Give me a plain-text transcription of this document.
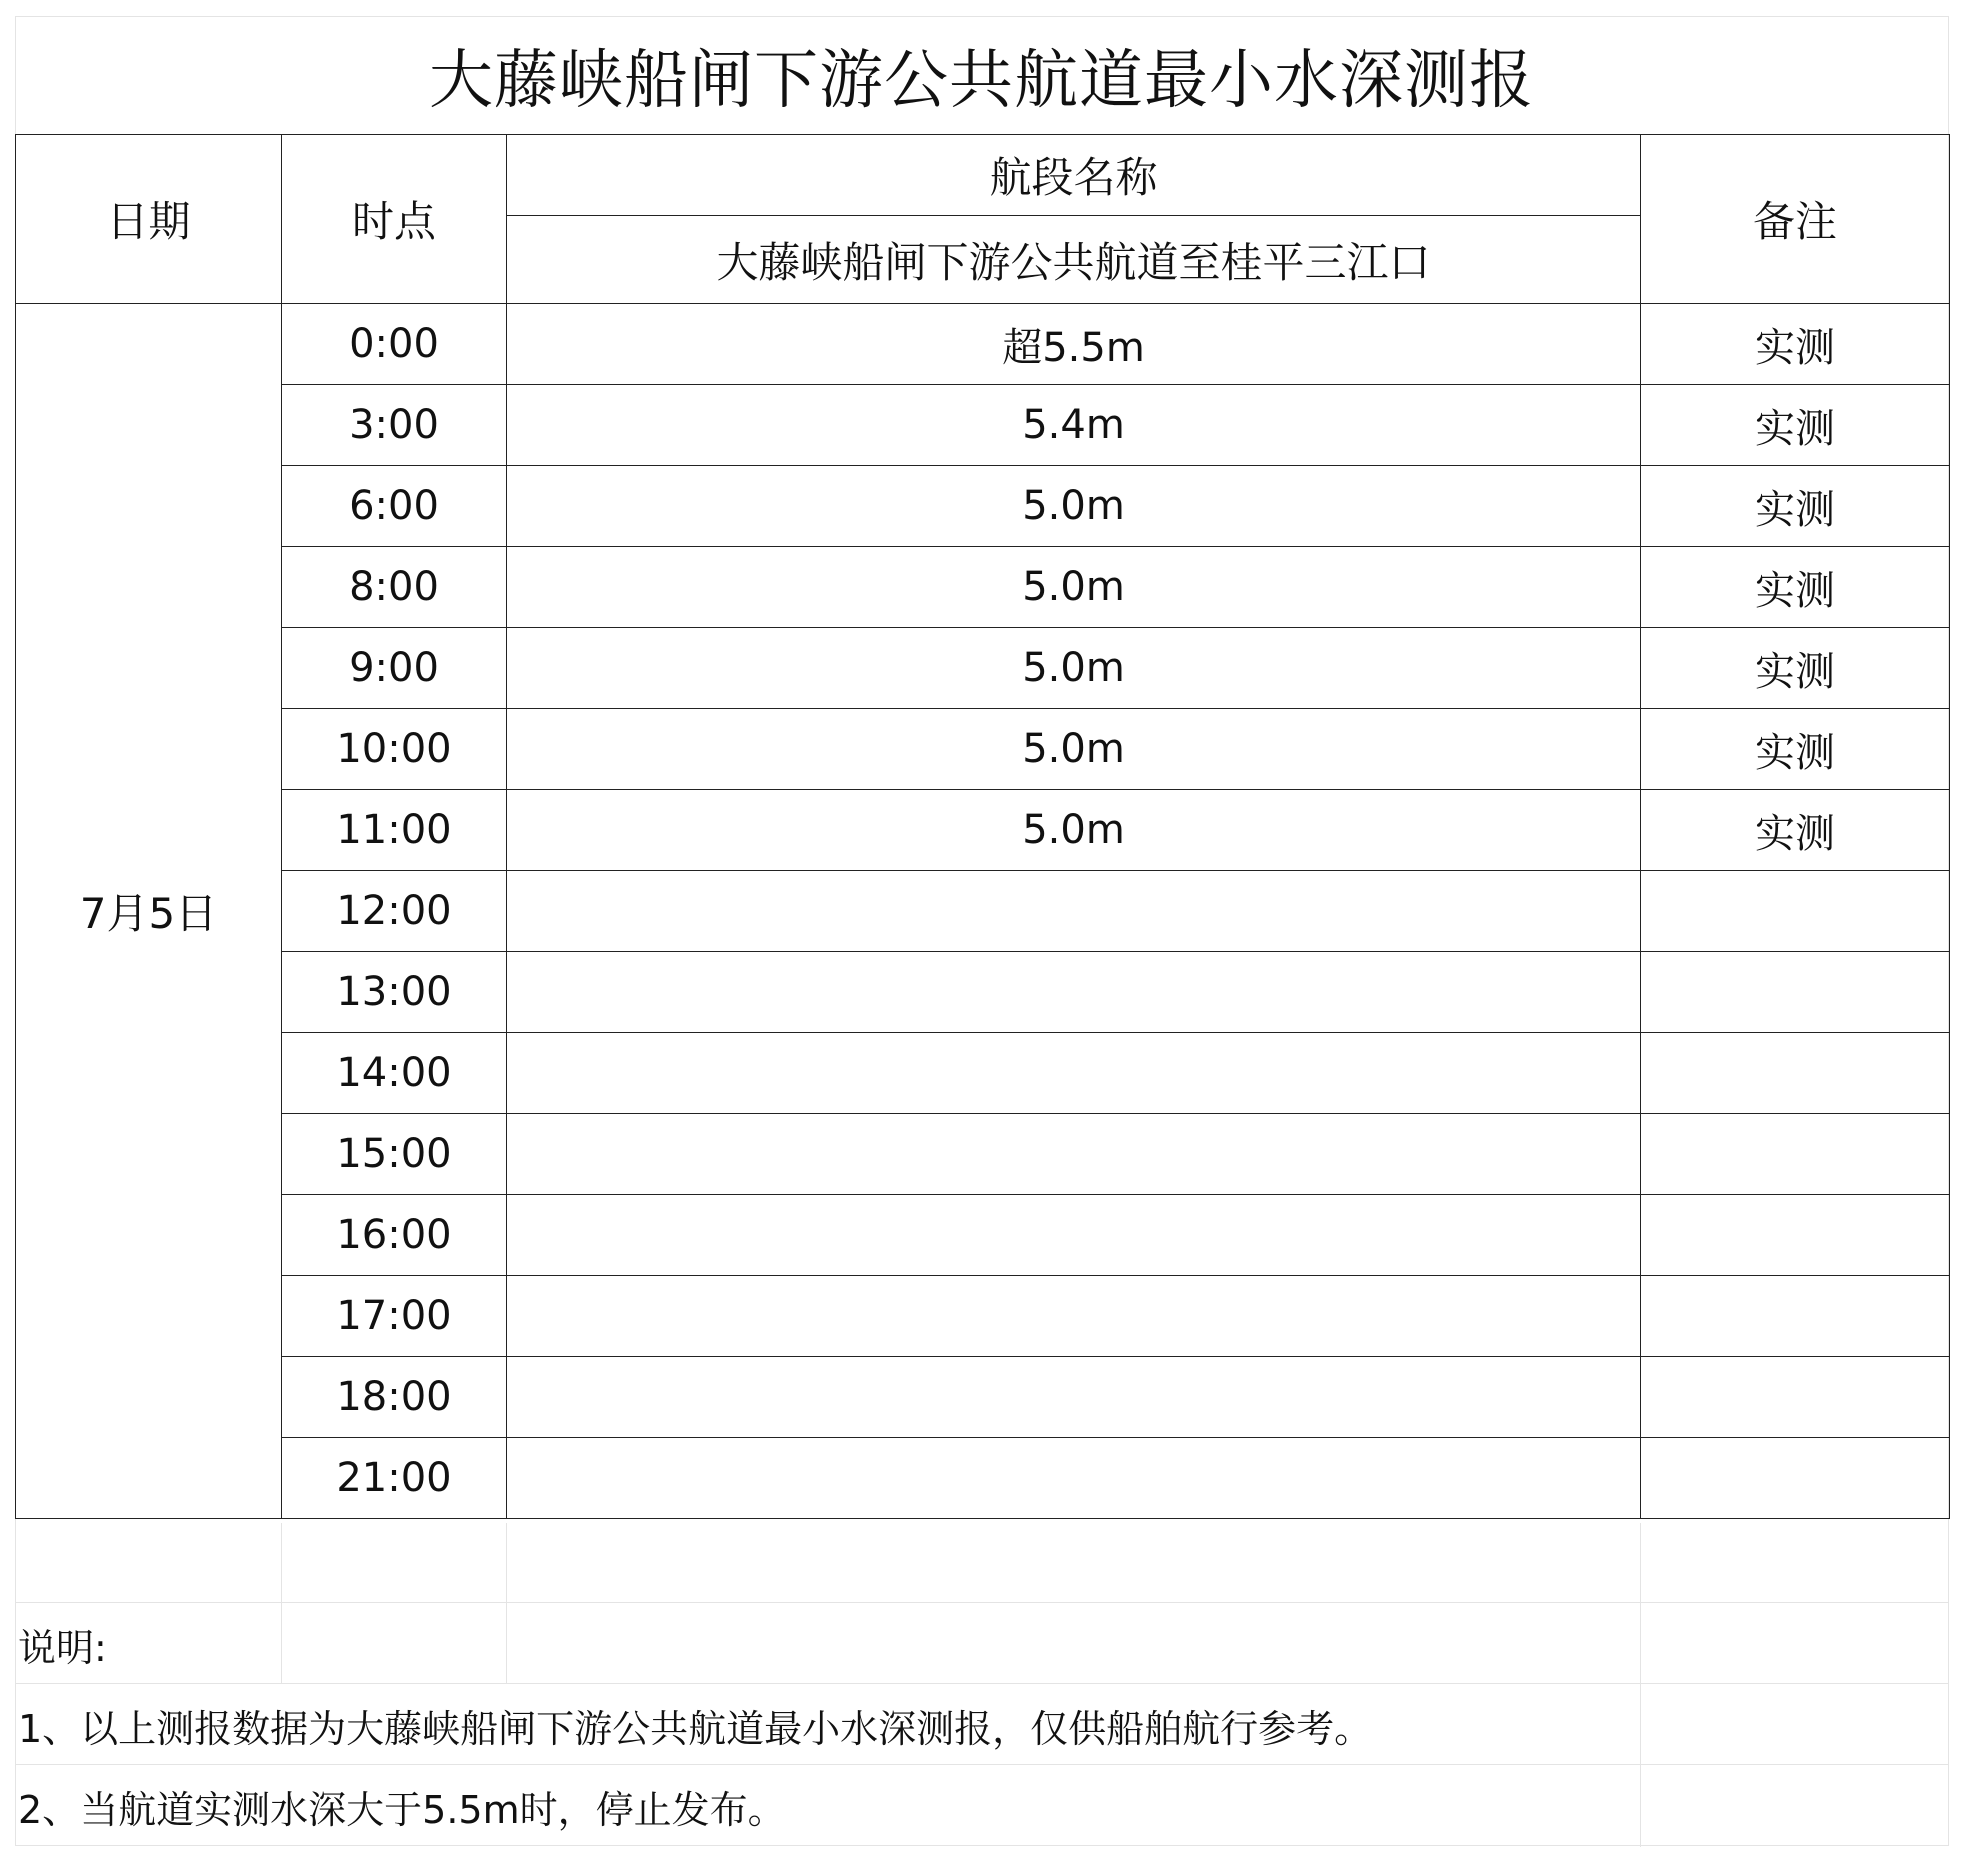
大藤峡船闸下游公共航道最小水深测报
日期	时点	航段名称	备注
		大藤峡船闸下游公共航道至桂平三江口	
7月5日	0:00	超5.5m	实测
	3:00	5.4m	实测
	6:00	5.0m	实测
	8:00	5.0m	实测
	9:00	5.0m	实测
	10:00	5.0m	实测
	11:00	5.0m	实测
	12:00		
	13:00		
	14:00		
	15:00		
	16:00		
	17:00		
	18:00		
	21:00		
说明:
1、以上测报数据为大藤峡船闸下游公共航道最小水深测报，仅供船舶航行参考。
2、当航道实测水深大于5.5m时，停止发布。
